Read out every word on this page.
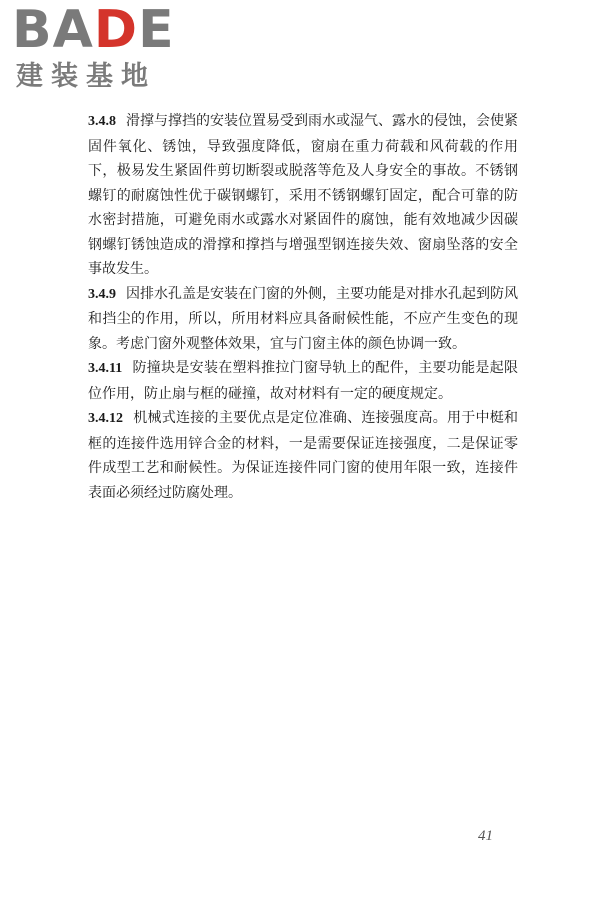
BADE
建装基地

3.4.8 滑撑与撑挡的安装位置易受到雨水或湿气、露水的侵蚀，会使紧固件氧化、锈蚀，导致强度降低，窗扇在重力荷载和风荷载的作用下，极易发生紧固件剪切断裂或脱落等危及人身安全的事故。不锈钢螺钉的耐腐蚀性优于碳钢螺钉，采用不锈钢螺钉固定，配合可靠的防水密封措施，可避免雨水或露水对紧固件的腐蚀，能有效地减少因碳钢螺钉锈蚀造成的滑撑和撑挡与增强型钢连接失效、窗扇坠落的安全事故发生。

3.4.9 因排水孔盖是安装在门窗的外侧，主要功能是对排水孔起到防风和挡尘的作用，所以，所用材料应具备耐候性能，不应产生变色的现象。考虑门窗外观整体效果，宜与门窗主体的颜色协调一致。

3.4.11 防撞块是安装在塑料推拉门窗导轨上的配件，主要功能是起限位作用，防止扇与框的碰撞，故对材料有一定的硬度规定。

3.4.12 机械式连接的主要优点是定位准确、连接强度高。用于中梃和框的连接件选用锌合金的材料，一是需要保证连接强度，二是保证零件成型工艺和耐候性。为保证连接件同门窗的使用年限一致，连接件表面必须经过防腐处理。

41
